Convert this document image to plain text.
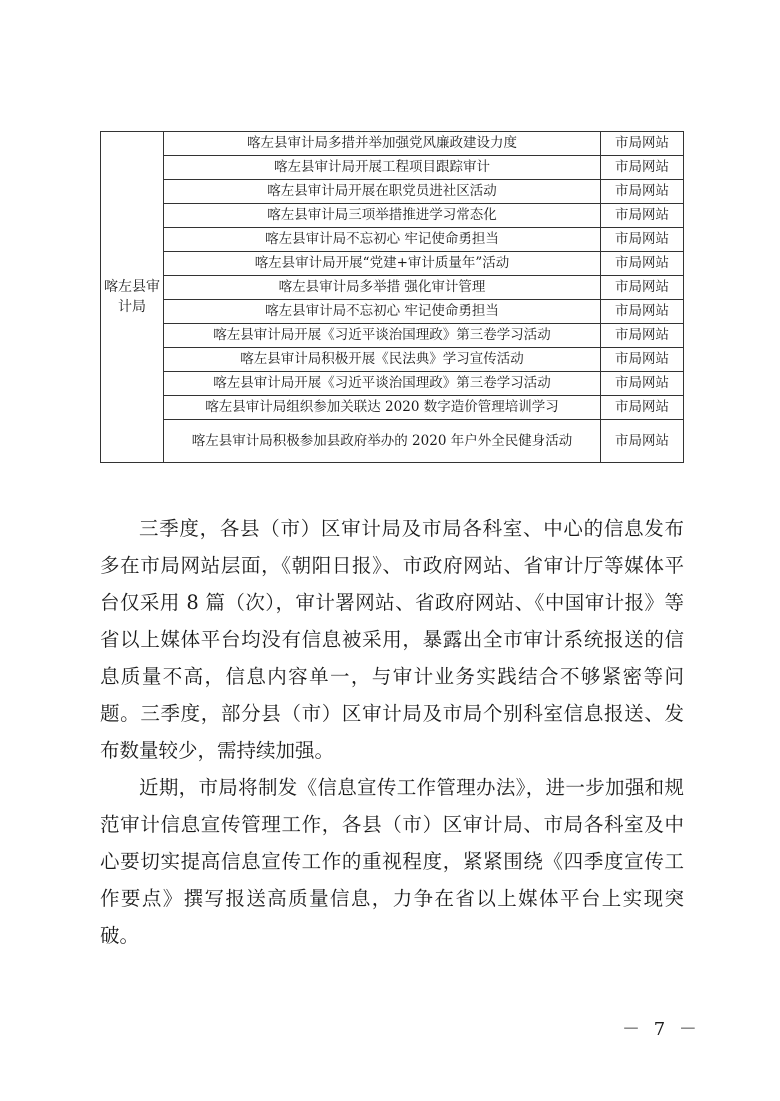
喀左县审计局	喀左县审计局多措并举加强党风廉政建设力度	市局网站
	喀左县审计局开展工程项目跟踪审计	市局网站
	喀左县审计局开展在职党员进社区活动	市局网站
	喀左县审计局三项举措推进学习常态化	市局网站
	喀左县审计局不忘初心 牢记使命勇担当	市局网站
	喀左县审计局开展“党建+审计质量年”活动	市局网站
	喀左县审计局多举措 强化审计管理	市局网站
	喀左县审计局不忘初心 牢记使命勇担当	市局网站
	喀左县审计局开展《习近平谈治国理政》第三卷学习活动	市局网站
	喀左县审计局积极开展《民法典》学习宣传活动	市局网站
	喀左县审计局开展《习近平谈治国理政》第三卷学习活动	市局网站
	喀左县审计局组织参加关联达 2020 数字造价管理培训学习	市局网站
	喀左县审计局积极参加县政府举办的 2020 年户外全民健身活动	市局网站

三季度，各县（市）区审计局及市局各科室、中心的信息发布多在市局网站层面，《朝阳日报》、市政府网站、省审计厅等媒体平台仅采用 8 篇（次），审计署网站、省政府网站、《中国审计报》等省以上媒体平台均没有信息被采用，暴露出全市审计系统报送的信息质量不高，信息内容单一，与审计业务实践结合不够紧密等问题。三季度，部分县（市）区审计局及市局个别科室信息报送、发布数量较少，需持续加强。

近期，市局将制发《信息宣传工作管理办法》，进一步加强和规范审计信息宣传管理工作，各县（市）区审计局、市局各科室及中心要切实提高信息宣传工作的重视程度，紧紧围绕《四季度宣传工作要点》撰写报送高质量信息，力争在省以上媒体平台上实现突破。

－ 7 －
